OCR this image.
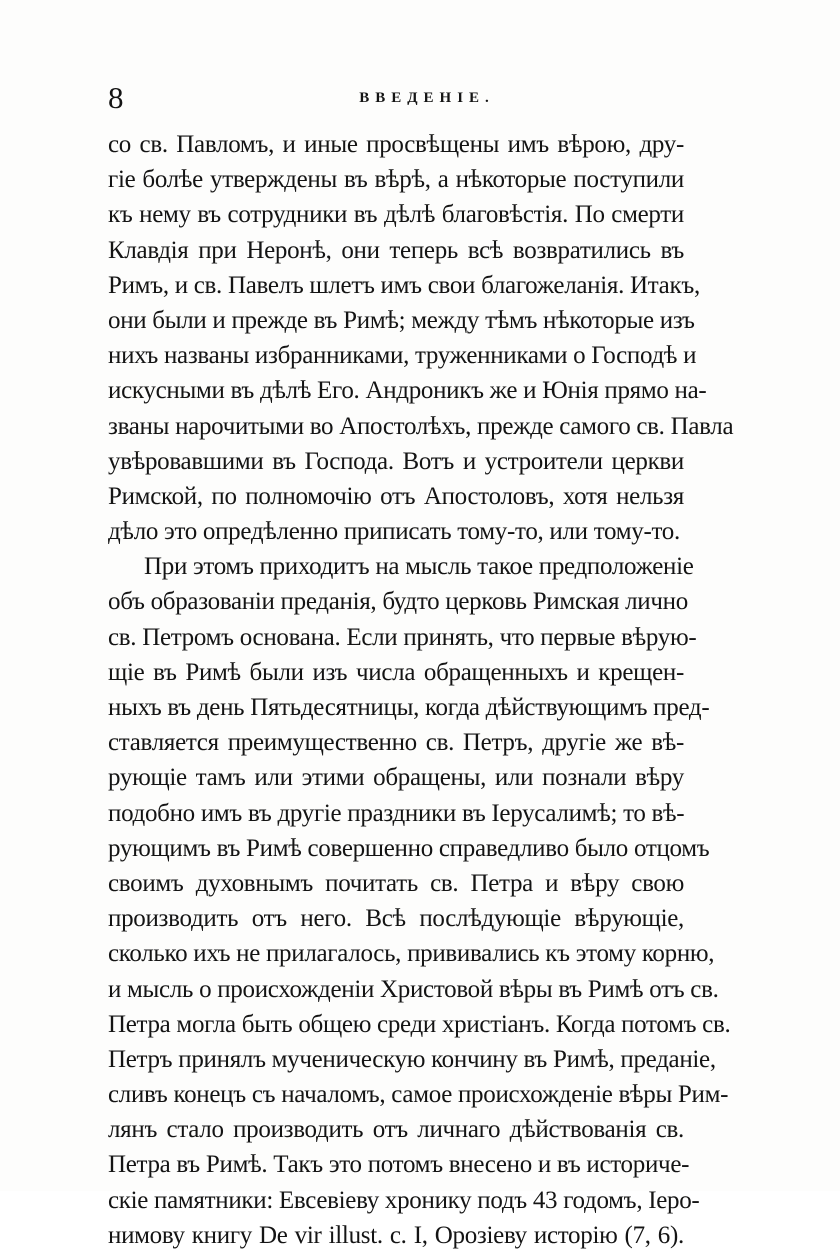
8	ВВЕДЕНІЕ.
со св. Павломъ, и иные просвѣщены имъ вѣрою, дру-
гіе болѣе утверждены въ вѣрѣ, а нѣкоторые поступили
къ нему въ сотрудники въ дѣлѣ благовѣстія. По смерти
Клавдія при Неронѣ, они теперь всѣ возвратились въ
Римъ, и св. Павелъ шлетъ имъ свои благожеланія. Итакъ,
они были и прежде въ Римѣ; между тѣмъ нѣкоторые изъ
нихъ названы избранниками, труженниками о Господѣ и
искусными въ дѣлѣ Его. Андроникъ же и Юнія прямо на-
званы нарочитыми во Апостолѣхъ, прежде самого св. Павла
увѣровавшими въ Господа. Вотъ и устроители церкви
Римской, по полномочію отъ Апостоловъ, хотя нельзя
дѣло это опредѣленно приписать тому-то, или тому-то.
При этомъ приходитъ на мысль такое предположеніе
объ образованіи преданія, будто церковь Римская лично
св. Петромъ основана. Если принять, что первые вѣрую-
щіе въ Римѣ были изъ числа обращенныхъ и крещен-
ныхъ въ день Пятьдесятницы, когда дѣйствующимъ пред-
ставляется преимущественно св. Петръ, другіе же вѣ-
рующіе тамъ или этими обращены, или познали вѣру
подобно имъ въ другіе праздники въ Іерусалимѣ; то вѣ-
рующимъ въ Римѣ совершенно справедливо было отцомъ
своимъ духовнымъ почитать св. Петра и вѣру свою
производить отъ него. Всѣ послѣдующіе вѣрующіе,
сколько ихъ не прилагалось, прививались къ этому корню,
и мысль о происхожденіи Христовой вѣры въ Римѣ отъ св.
Петра могла быть общею среди христіанъ. Когда потомъ св.
Петръ принялъ мученическую кончину въ Римѣ, преданіе,
сливъ конецъ съ началомъ, самое происхожденіе вѣры Рим-
лянъ стало производить отъ личнаго дѣйствованія св.
Петра въ Римѣ. Такъ это потомъ внесено и въ историче-
скіе памятники: Евсевіеву хронику подъ 43 годомъ, Іеро-
нимову книгу De vir illust. c. I, Орозіеву исторію (7, 6).
